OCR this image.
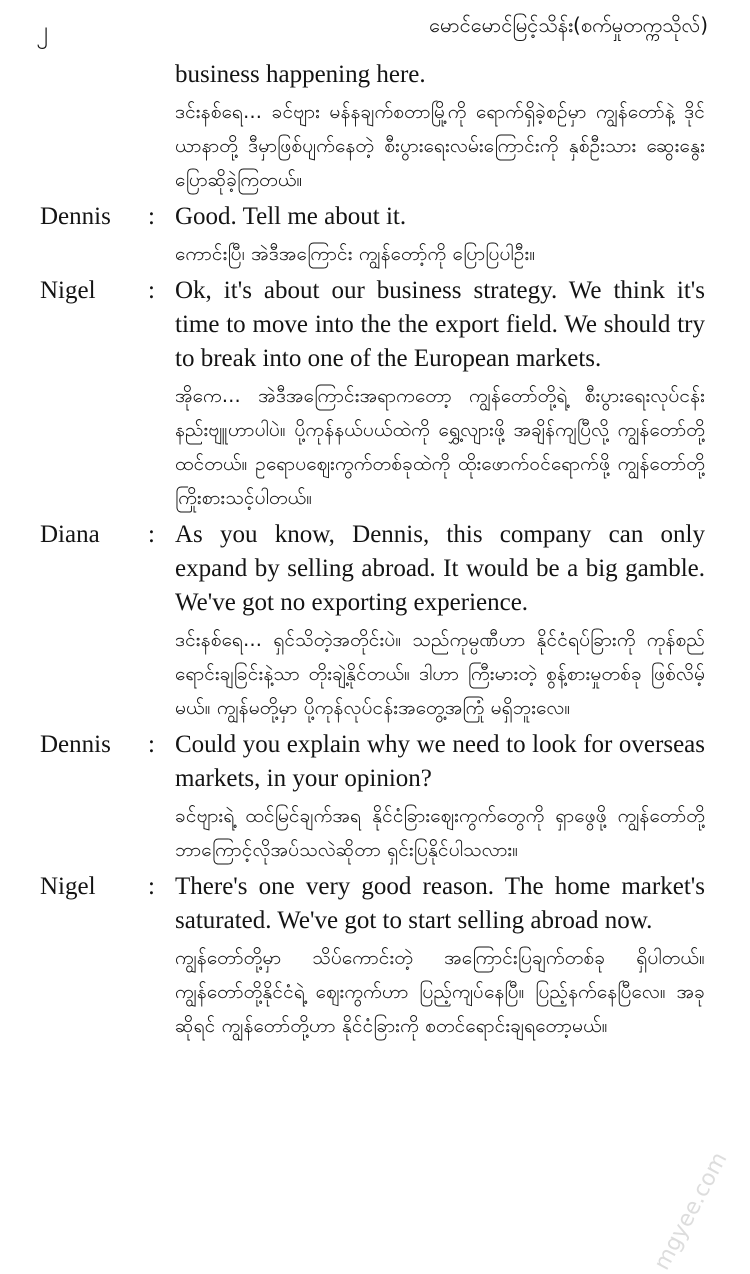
၂	မောင်မောင်မြင့်သိန်း(စက်မှုတက္ကသိုလ်)

business happening here.

ဒင်းနစ်ရေ… ခင်ဗျား မန်နချက်စတာမြို့ကို ရောက်ရှိခဲ့စဉ်မှာ ကျွန်တော်နဲ့ ဒိုင်ယာနာတို့ ဒီမှာဖြစ်ပျက်နေတဲ့ စီးပွားရေးလမ်းကြောင်းကို နှစ်ဦးသား ဆွေးနွေးပြောဆိုခဲ့ကြတယ်။

Dennis	: Good. Tell me about it.

ကောင်းပြီ၊ အဲဒီအကြောင်း ကျွန်တော့်ကို ပြောပြပါဦး။

Nigel	: Ok, it's about our business strategy. We think it's time to move into the the export field. We should try to break into one of the European markets.

အိုကေ… အဲဒီအကြောင်းအရာကတော့ ကျွန်တော်တို့ရဲ့ စီးပွားရေးလုပ်ငန်း နည်းဗျူဟာပါပဲ။ ပို့ကုန်နယ်ပယ်ထဲကို ရွှေ့လျားဖို့ အချိန်ကျပြီလို့ ကျွန်တော်တို့ ထင်တယ်။ ဥရောပဈေးကွက်တစ်ခုထဲကို ထိုးဖောက်ဝင်ရောက်ဖို့ ကျွန်တော်တို့ ကြိုးစားသင့်ပါတယ်။

Diana	: As you know, Dennis, this company can only expand by selling abroad. It would be a big gamble. We've got no exporting experience.

ဒင်းနစ်ရေ… ရှင်သိတဲ့အတိုင်းပဲ။ သည်ကုမ္ပဏီဟာ နိုင်ငံရပ်ခြားကို ကုန်စည်ရောင်းချခြင်းနဲ့သာ တိုးချဲ့နိုင်တယ်။ ဒါဟာ ကြီးမားတဲ့ စွန့်စားမှုတစ်ခု ဖြစ်လိမ့်မယ်။ ကျွန်မတို့မှာ ပို့ကုန်လုပ်ငန်းအတွေ့အကြုံ မရှိဘူးလေ။

Dennis	: Could you explain why we need to look for overseas markets, in your opinion?

ခင်ဗျားရဲ့ ထင်မြင်ချက်အရ နိုင်ငံခြားဈေးကွက်တွေကို ရှာဖွေဖို့ ကျွန်တော်တို့ ဘာကြောင့်လိုအပ်သလဲဆိုတာ ရှင်းပြနိုင်ပါသလား။

Nigel	: There's one very good reason. The home market's saturated. We've got to start selling abroad now.

ကျွန်တော်တို့မှာ သိပ်ကောင်းတဲ့ အကြောင်းပြချက်တစ်ခု ရှိပါတယ်။ ကျွန်တော်တို့နိုင်ငံရဲ့ ဈေးကွက်ဟာ ပြည့်ကျပ်နေပြီ။ ပြည့်နက်နေပြီလေ။ အခုဆိုရင် ကျွန်တော်တို့ဟာ နိုင်ငံခြားကို စတင်ရောင်းချရတော့မယ်။

mgyee.com
